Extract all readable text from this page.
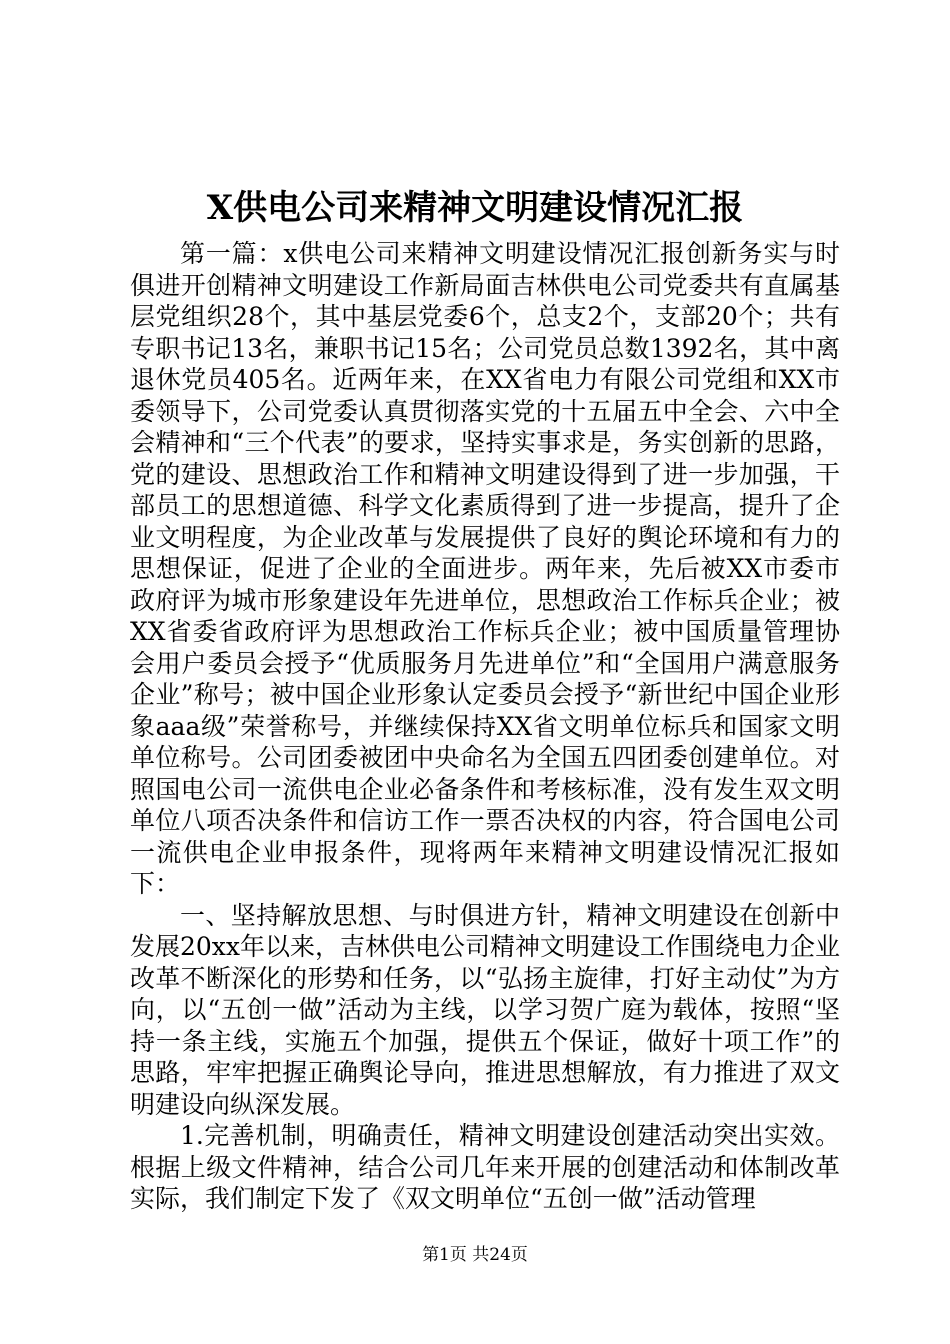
X供电公司来精神文明建设情况汇报

第一篇：x供电公司来精神文明建设情况汇报创新务实与时俱进开创精神文明建设工作新局面吉林供电公司党委共有直属基层党组织28个，其中基层党委6个，总支2个，支部20个；共有专职书记13名，兼职书记15名；公司党员总数1392名，其中离退休党员405名。近两年来，在XX省电力有限公司党组和XX市委领导下，公司党委认真贯彻落实党的十五届五中全会、六中全会精神和“三个代表”的要求，坚持实事求是，务实创新的思路，党的建设、思想政治工作和精神文明建设得到了进一步加强，干部员工的思想道德、科学文化素质得到了进一步提高，提升了企业文明程度，为企业改革与发展提供了良好的舆论环境和有力的思想保证，促进了企业的全面进步。两年来，先后被XX市委市政府评为城市形象建设年先进单位，思想政治工作标兵企业；被XX省委省政府评为思想政治工作标兵企业；被中国质量管理协会用户委员会授予“优质服务月先进单位”和“全国用户满意服务企业”称号；被中国企业形象认定委员会授予“新世纪中国企业形象aaa级”荣誉称号，并继续保持XX省文明单位标兵和国家文明单位称号。公司团委被团中央命名为全国五四团委创建单位。对照国电公司一流供电企业必备条件和考核标准，没有发生双文明单位八项否决条件和信访工作一票否决权的内容，符合国电公司一流供电企业申报条件，现将两年来精神文明建设情况汇报如下：

一、坚持解放思想、与时俱进方针，精神文明建设在创新中发展20xx年以来，吉林供电公司精神文明建设工作围绕电力企业改革不断深化的形势和任务，以“弘扬主旋律，打好主动仗”为方向，以“五创一做”活动为主线，以学习贺广庭为载体，按照“坚持一条主线，实施五个加强，提供五个保证，做好十项工作”的思路，牢牢把握正确舆论导向，推进思想解放，有力推进了双文明建设向纵深发展。

1.完善机制，明确责任，精神文明建设创建活动突出实效。根据上级文件精神，结合公司几年来开展的创建活动和体制改革实际，我们制定下发了《双文明单位“五创一做”活动管理

第1页 共24页
